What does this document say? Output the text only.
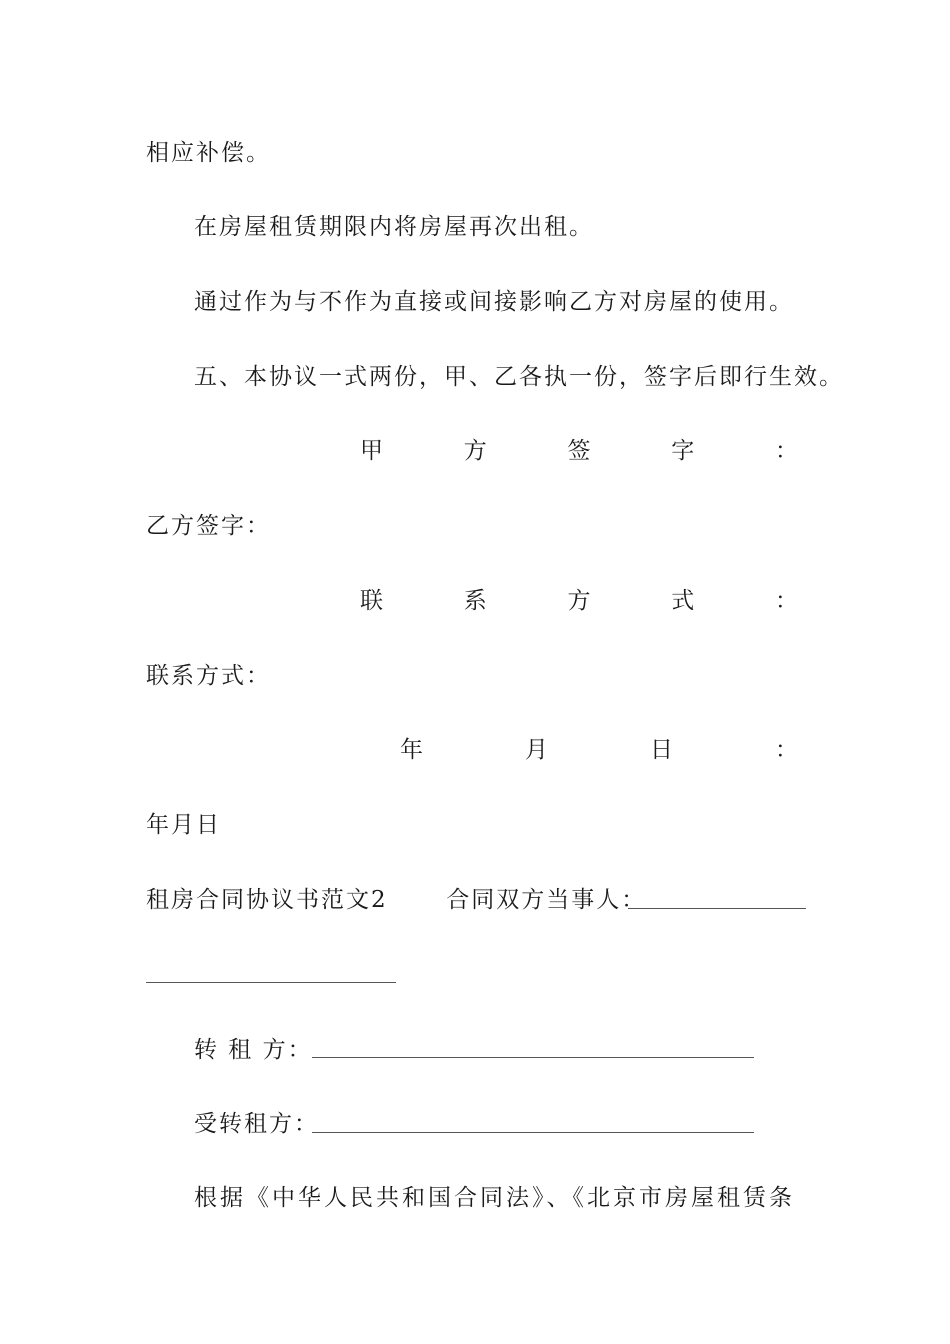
相应补偿。
在房屋租赁期限内将房屋再次出租。
通过作为与不作为直接或间接影响乙方对房屋的使用。
五、本协议一式两份，甲、乙各执一份，签字后即行生效。
甲	方	签	字	：
乙方签字：
联	系	方	式	：
联系方式：
年	月	日	：
年月日
租房合同协议书范文2	合同双方当事人：
转 租 方：
受转租方：
根据《中华人民共和国合同法》、《北京市房屋租赁条
